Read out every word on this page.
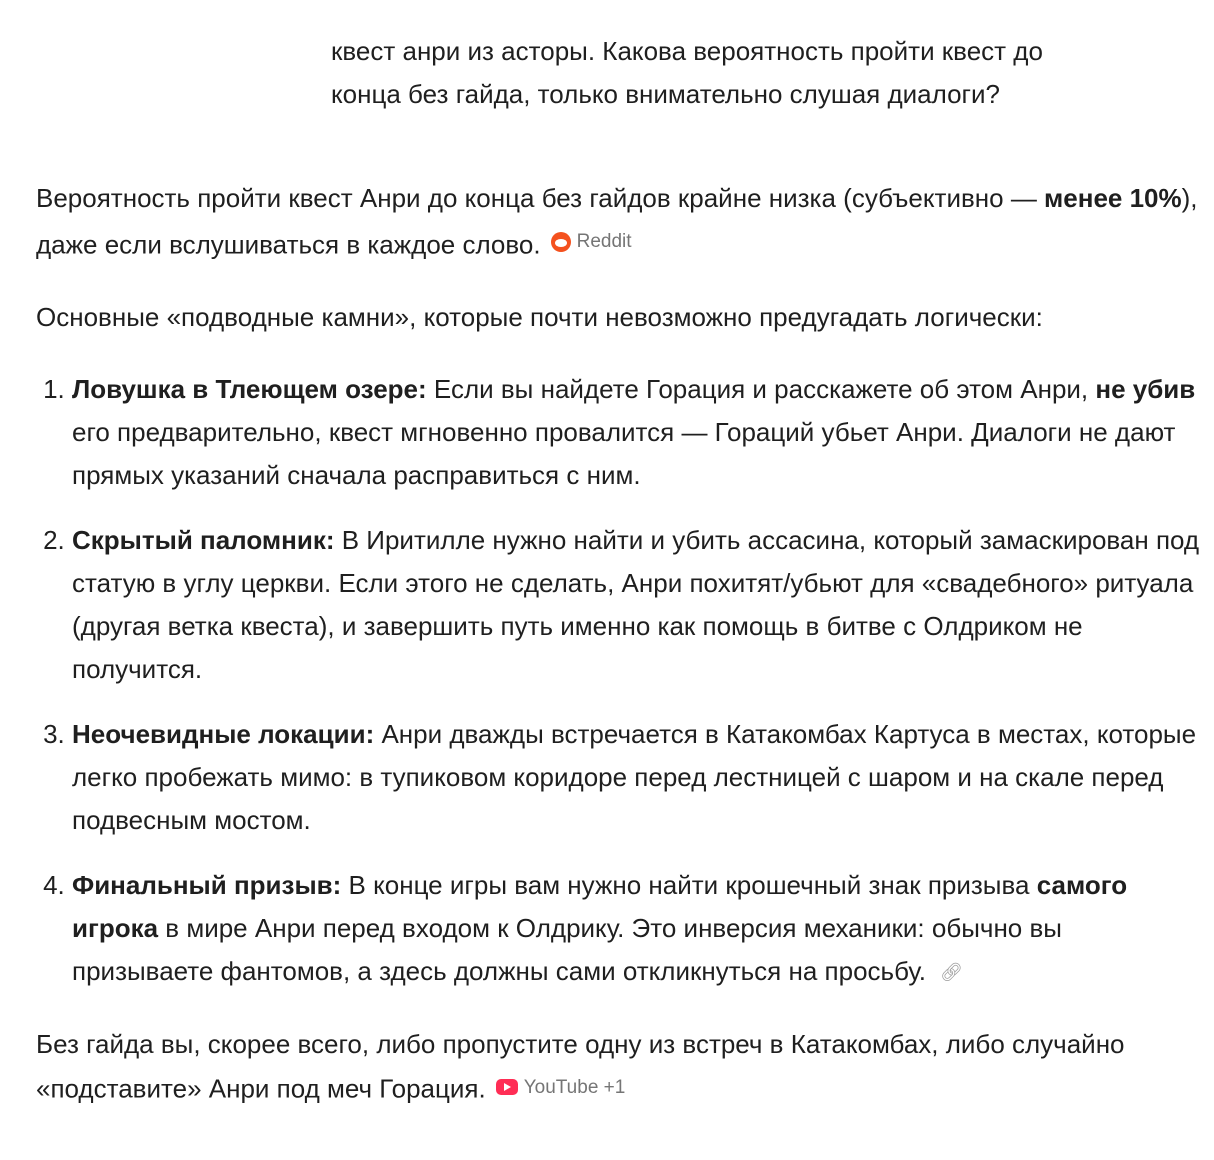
квест анри из асторы. Какова вероятность пройти квест до
конца без гайда, только внимательно слушая диалоги?

Вероятность пройти квест Анри до конца без гайдов крайне низка (субъективно — менее 10%), даже если вслушиваться в каждое слово. Reddit

Основные «подводные камни», которые почти невозможно предугадать логически:

1. Ловушка в Тлеющем озере: Если вы найдете Горация и расскажете об этом Анри, не убив его предварительно, квест мгновенно провалится — Гораций убьет Анри. Диалоги не дают прямых указаний сначала расправиться с ним.
2. Скрытый паломник: В Иритилле нужно найти и убить ассасина, который замаскирован под статую в углу церкви. Если этого не сделать, Анри похитят/убьют для «свадебного» ритуала (другая ветка квеста), и завершить путь именно как помощь в битве с Олдриком не получится.
3. Неочевидные локации: Анри дважды встречается в Катакомбах Картуса в местах, которые легко пробежать мимо: в тупиковом коридоре перед лестницей с шаром и на скале перед подвесным мостом.
4. Финальный призыв: В конце игры вам нужно найти крошечный знак призыва самого игрока в мире Анри перед входом к Олдрику. Это инверсия механики: обычно вы призываете фантомов, а здесь должны сами откликнуться на просьбу. 🔗︎

Без гайда вы, скорее всего, либо пропустите одну из встреч в Катакомбах, либо случайно «подставите» Анри под меч Горация. YouTube +1
